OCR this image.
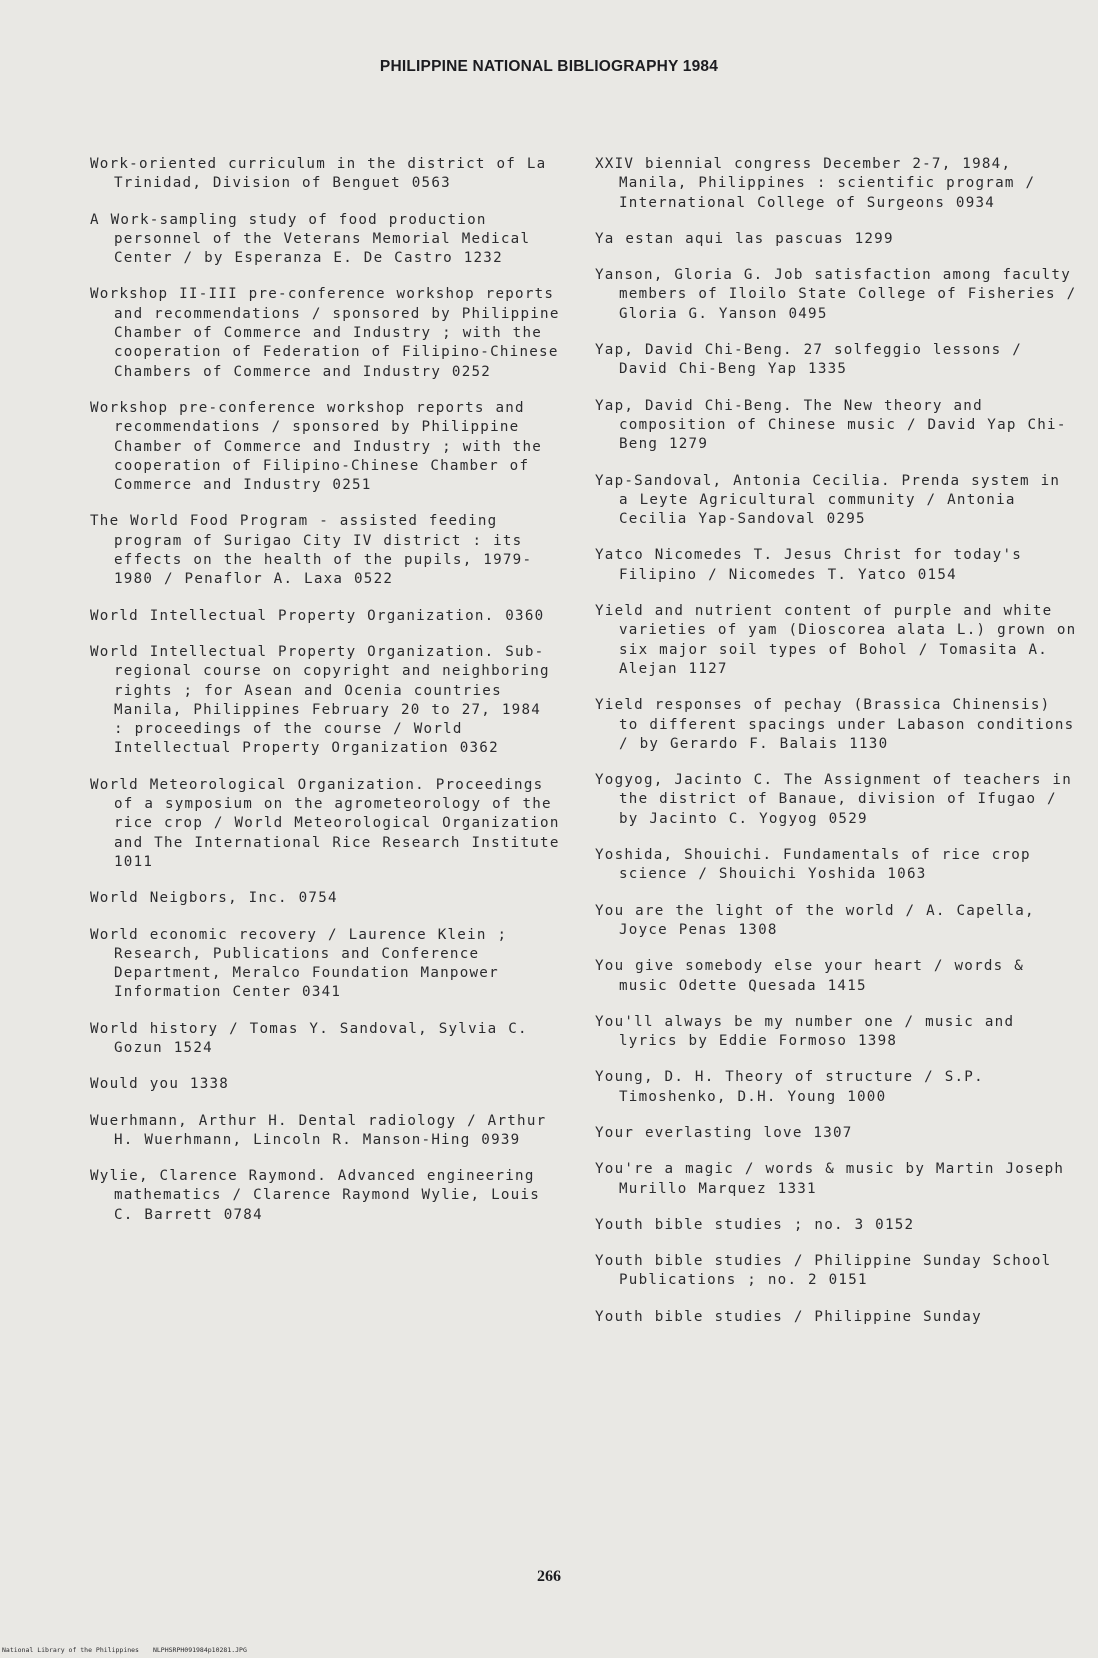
PHILIPPINE NATIONAL BIBLIOGRAPHY 1984

Work-oriented curriculum in the district of La Trinidad, Division of Benguet 0563

A Work-sampling study of food production personnel of the Veterans Memorial Medical Center / by Esperanza E. De Castro 1232

Workshop II-III pre-conference workshop reports and recommendations / sponsored by Philippine Chamber of Commerce and Industry ; with the cooperation of Federation of Filipino-Chinese Chambers of Commerce and Industry 0252

Workshop pre-conference workshop reports and recommendations / sponsored by Philippine Chamber of Commerce and Industry ; with the cooperation of Filipino-Chinese Chamber of Commerce and Industry 0251

The World Food Program - assisted feeding program of Surigao City IV district : its effects on the health of the pupils, 1979-1980 / Penaflor A. Laxa 0522

World Intellectual Property Organization. 0360

World Intellectual Property Organization. Sub-regional course on copyright and neighboring rights ; for Asean and Ocenia countries Manila, Philippines February 20 to 27, 1984 : proceedings of the course / World Intellectual Property Organization 0362

World Meteorological Organization. Proceedings of a symposium on the agrometeorology of the rice crop / World Meteorological Organization and The International Rice Research Institute 1011

World Neigbors, Inc. 0754

World economic recovery / Laurence Klein ; Research, Publications and Conference Department, Meralco Foundation Manpower Information Center 0341

World history / Tomas Y. Sandoval, Sylvia C. Gozun 1524

Would you 1338

Wuerhmann, Arthur H. Dental radiology / Arthur H. Wuerhmann, Lincoln R. Manson-Hing 0939

Wylie, Clarence Raymond. Advanced engineering mathematics / Clarence Raymond Wylie, Louis C. Barrett 0784

XXIV biennial congress December 2-7, 1984, Manila, Philippines : scientific program / International College of Surgeons 0934

Ya estan aqui las pascuas 1299

Yanson, Gloria G. Job satisfaction among faculty members of Iloilo State College of Fisheries / Gloria G. Yanson 0495

Yap, David Chi-Beng. 27 solfeggio lessons / David Chi-Beng Yap 1335

Yap, David Chi-Beng. The New theory and composition of Chinese music / David Yap Chi-Beng 1279

Yap-Sandoval, Antonia Cecilia. Prenda system in a Leyte Agricultural community / Antonia Cecilia Yap-Sandoval 0295

Yatco Nicomedes T. Jesus Christ for today's Filipino / Nicomedes T. Yatco 0154

Yield and nutrient content of purple and white varieties of yam (Dioscorea alata L.) grown on six major soil types of Bohol / Tomasita A. Alejan 1127

Yield responses of pechay (Brassica Chinensis) to different spacings under Labason conditions / by Gerardo F. Balais 1130

Yogyog, Jacinto C. The Assignment of teachers in the district of Banaue, division of Ifugao / by Jacinto C. Yogyog 0529

Yoshida, Shouichi. Fundamentals of rice crop science / Shouichi Yoshida 1063

You are the light of the world / A. Capella, Joyce Penas 1308

You give somebody else your heart / words & music Odette Quesada 1415

You'll always be my number one / music and lyrics by Eddie Formoso 1398

Young, D. H. Theory of structure / S.P. Timoshenko, D.H. Young 1000

Your everlasting love 1307

You're a magic / words & music by Martin Joseph Murillo Marquez 1331

Youth bible studies ; no. 3 0152

Youth bible studies / Philippine Sunday School Publications ; no. 2 0151

Youth bible studies / Philippine Sunday

266
National Library of the Philippines NLPHSRPH091984p10281.JPG
